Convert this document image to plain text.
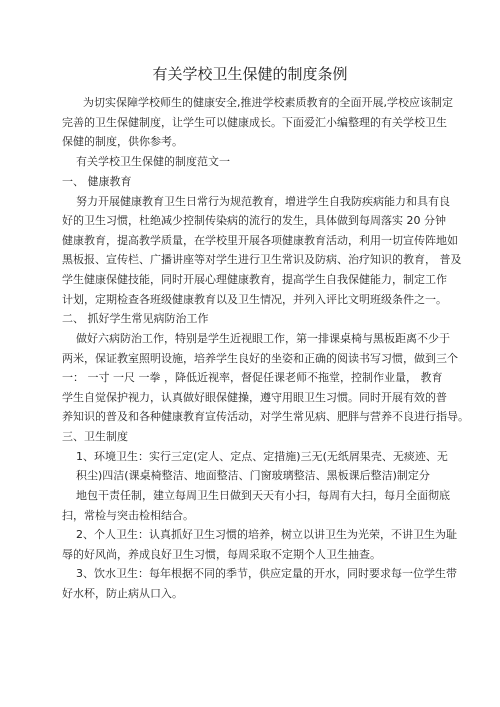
有关学校卫生保健的制度条例
为切实保障学校师生的健康安全,推进学校素质教育的全面开展,学校应该制定
完善的卫生保健制度，让学生可以健康成长。下面爱汇小编整理的有关学校卫生
保健的制度，供你参考。
有关学校卫生保健的制度范文一
一、 健康教育
努力开展健康教育卫生日常行为规范教育，增进学生自我防疾病能力和具有良
好的卫生习惯，杜绝减少控制传染病的流行的发生，具体做到每周落实 20 分钟
健康教育，提高教学质量，在学校里开展各项健康教育活动，利用一切宣传阵地如
黑板报、宣传栏、广播讲座等对学生进行卫生常识及防病、治疗知识的教育， 普及
学生健康保健技能，同时开展心理健康教育，提高学生自我保健能力，制定工作
计划，定期检查各班级健康教育以及卫生情况，并列入评比文明班级条件之一。
二、 抓好学生常见病防治工作
做好六病防治工作，特别是学生近视眼工作，第一排课桌椅与黑板距离不少于
两米，保证教室照明设施，培养学生良好的坐姿和正确的阅读书写习惯，做到三个
一： 一寸 一尺 一拳 ，降低近视率，督促任课老师不拖堂，控制作业量， 教育
学生自觉保护视力，认真做好眼保健操，遵守用眼卫生习惯。同时开展有效的普
养知识的普及和各种健康教育宣传活动，对学生常见病、肥胖与营养不良进行指导。
三、卫生制度
1、环境卫生：实行三定(定人、定点、定措施)三无(无纸屑果壳、无痰迹、无
积尘)四洁(课桌椅整洁、地面整洁、门窗玻璃整洁、黑板课后整洁)制定分
地包干责任制，建立每周卫生日做到天天有小扫，每周有大扫，每月全面彻底
扫，常检与突击检相结合。
2、个人卫生：认真抓好卫生习惯的培养，树立以讲卫生为光荣，不讲卫生为耻
辱的好风尚，养成良好卫生习惯，每周采取不定期个人卫生抽查。
3、饮水卫生：每年根据不同的季节，供应定量的开水，同时要求每一位学生带
好水杯，防止病从口入。
